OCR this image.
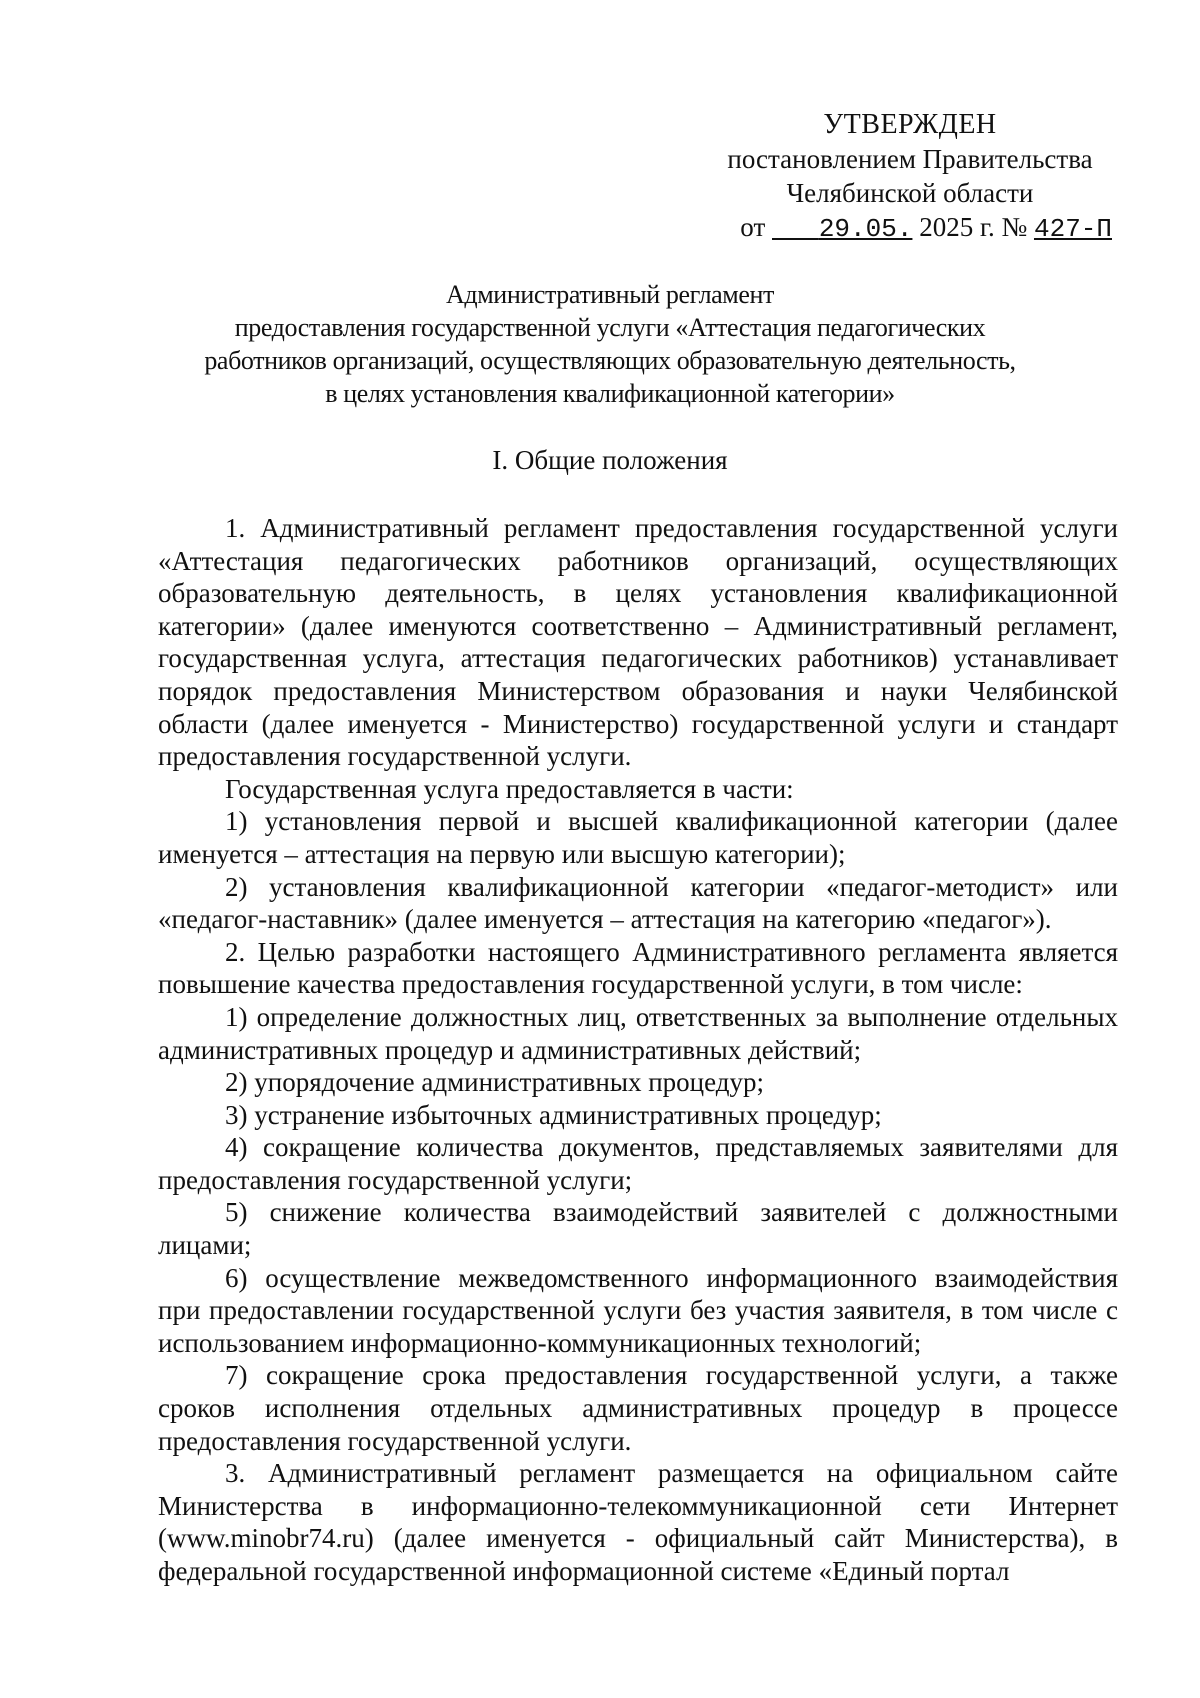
УТВЕРЖДЕН
постановлением Правительства
Челябинской области
от 29.05. 2025 г. № 427-П
Административный регламент
предоставления государственной услуги «Аттестация педагогических
работников организаций, осуществляющих образовательную деятельность,
в целях установления квалификационной категории»
I. Общие положения

1. Административный регламент предоставления государственной услуги «Аттестация педагогических работников организаций, осуществляющих образовательную деятельность, в целях установления квалификационной категории» (далее именуются соответственно – Административный регламент, государственная услуга, аттестация педагогических работников) устанавливает порядок предоставления Министерством образования и науки Челябинской области (далее именуется - Министерство) государственной услуги и стандарт предоставления государственной услуги.

Государственная услуга предоставляется в части:

1) установления первой и высшей квалификационной категории (далее именуется – аттестация на первую или высшую категории);

2) установления квалификационной категории «педагог-методист» или «педагог-наставник» (далее именуется – аттестация на категорию «педагог»).

2. Целью разработки настоящего Административного регламента является повышение качества предоставления государственной услуги, в том числе:

1) определение должностных лиц, ответственных за выполнение отдельных административных процедур и административных действий;

2) упорядочение административных процедур;

3) устранение избыточных административных процедур;

4) сокращение количества документов, представляемых заявителями для предоставления государственной услуги;

5) снижение количества взаимодействий заявителей с должностными лицами;

6) осуществление межведомственного информационного взаимодействия при предоставлении государственной услуги без участия заявителя, в том числе с использованием информационно-коммуникационных технологий;

7) сокращение срока предоставления государственной услуги, а также сроков исполнения отдельных административных процедур в процессе предоставления государственной услуги.

3. Административный регламент размещается на официальном сайте Министерства в информационно-телекоммуникационной сети Интернет (www.minobr74.ru) (далее именуется - официальный сайт Министерства), в федеральной государственной информационной системе «Единый портал
